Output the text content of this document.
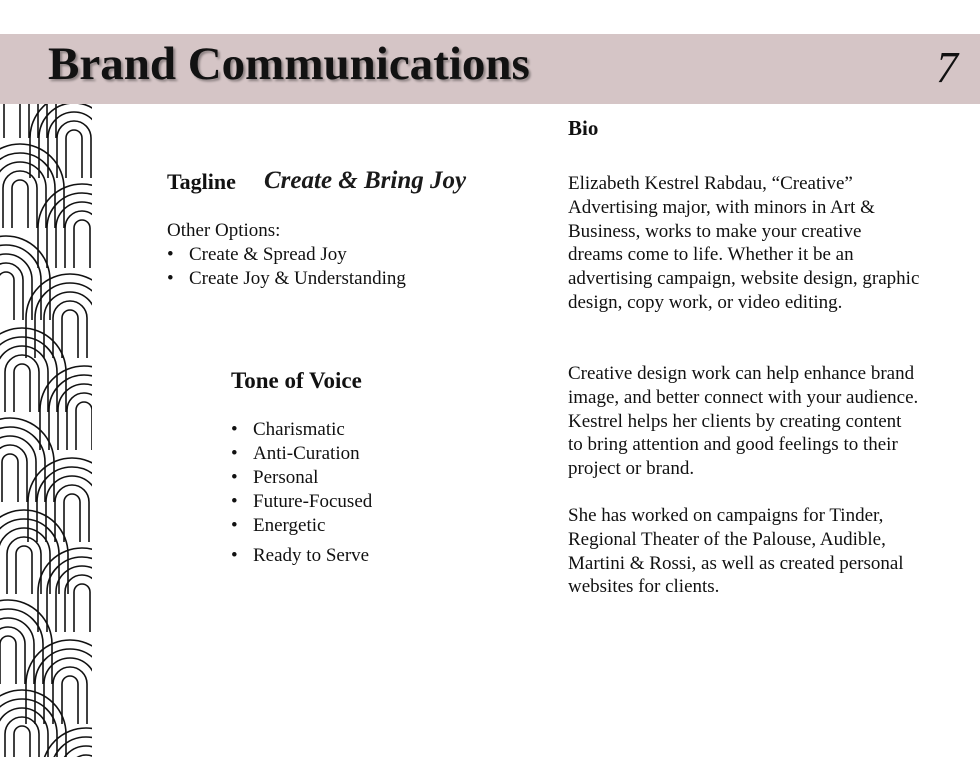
Brand Communications	7
Tagline Create & Bring Joy
Other Options:
• Create & Spread Joy
• Create Joy & Understanding
Tone of Voice
• Charismatic
• Anti-Curation
• Personal
• Future-Focused
• Energetic
• Ready to Serve
Bio

Elizabeth Kestrel Rabdau, “Creative” Advertising major, with minors in Art & Business, works to make your creative dreams come to life. Whether it be an advertising campaign, website design, graphic design, copy work, or video editing.

Creative design work can help enhance brand image, and better connect with your audience. Kestrel helps her clients by creating content to bring attention and good feelings to their project or brand.

She has worked on campaigns for Tinder, Regional Theater of the Palouse, Audible, Martini & Rossi, as well as created personal websites for clients.
